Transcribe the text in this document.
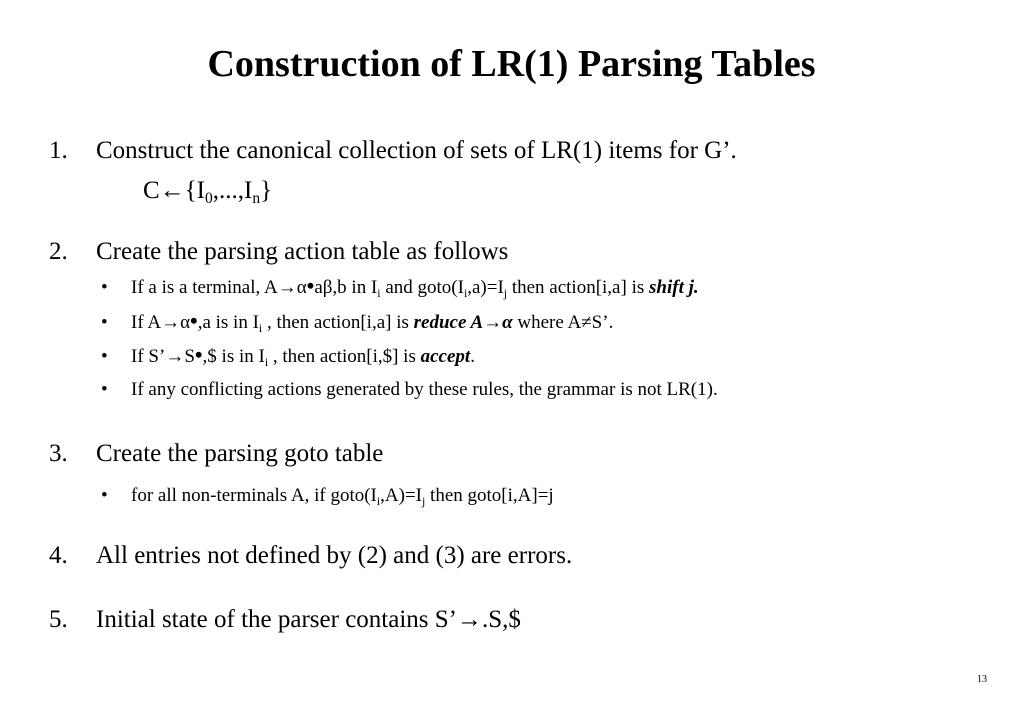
Construction of LR(1) Parsing Tables
1. Construct the canonical collection of sets of LR(1) items for G’.
$C\leftarrow\{I_0,...,I_n\}$
2. Create the parsing action table as follows
• If a is a terminal, A→α•aβ,b in $I_i$ and $goto(I_i,a)=I_j$ then action[i,a] is shift j.
• If A→α•,a is in $I_i$ , then action[i,a] is reduce A→α where A≠S’.
• If S’→S•,$ is in $I_i$ , then action[i,$] is accept.
• If any conflicting actions generated by these rules, the grammar is not LR(1).
3. Create the parsing goto table
• for all non-terminals A, if $goto(I_i,A)=I_j$ then goto[i,A]=j
4. All entries not defined by (2) and (3) are errors.
5. Initial state of the parser contains S’→.S,$
13
